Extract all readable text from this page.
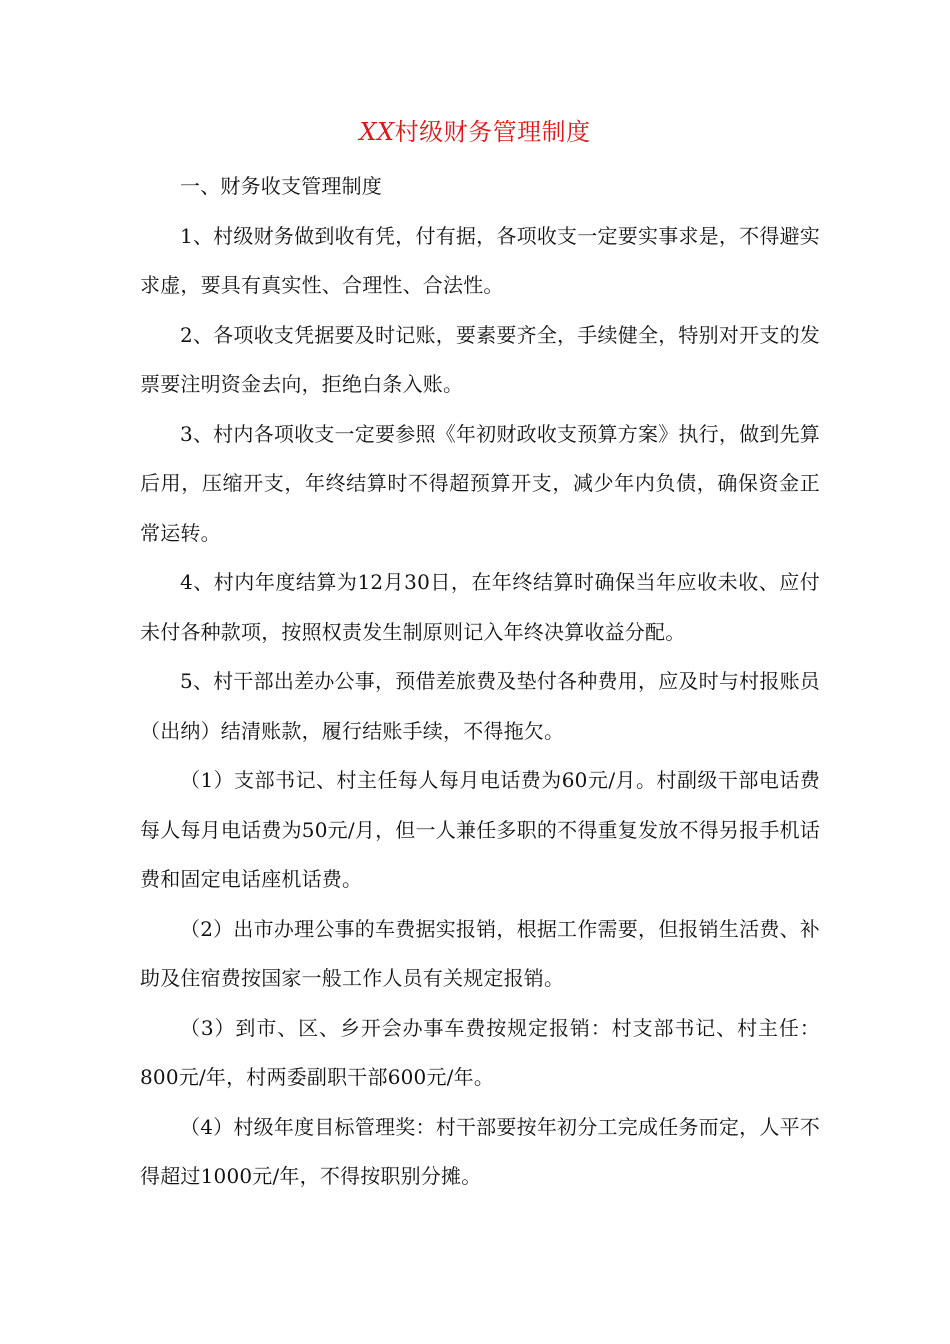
XX村级财务管理制度

一、财务收支管理制度

1、村级财务做到收有凭，付有据，各项收支一定要实事求是，不得避实求虚，要具有真实性、合理性、合法性。

2、各项收支凭据要及时记账，要素要齐全，手续健全，特别对开支的发票要注明资金去向，拒绝白条入账。

3、村内各项收支一定要参照《年初财政收支预算方案》执行，做到先算后用，压缩开支，年终结算时不得超预算开支，减少年内负债，确保资金正常运转。

4、村内年度结算为12月30日，在年终结算时确保当年应收未收、应付未付各种款项，按照权责发生制原则记入年终决算收益分配。

5、村干部出差办公事，预借差旅费及垫付各种费用，应及时与村报账员（出纳）结清账款，履行结账手续，不得拖欠。

（1）支部书记、村主任每人每月电话费为60元/月。村副级干部电话费每人每月电话费为50元/月，但一人兼任多职的不得重复发放不得另报手机话费和固定电话座机话费。

（2）出市办理公事的车费据实报销，根据工作需要，但报销生活费、补助及住宿费按国家一般工作人员有关规定报销。

（3）到市、区、乡开会办事车费按规定报销：村支部书记、村主任：800元/年，村两委副职干部600元/年。

（4）村级年度目标管理奖：村干部要按年初分工完成任务而定，人平不得超过1000元/年，不得按职别分摊。
